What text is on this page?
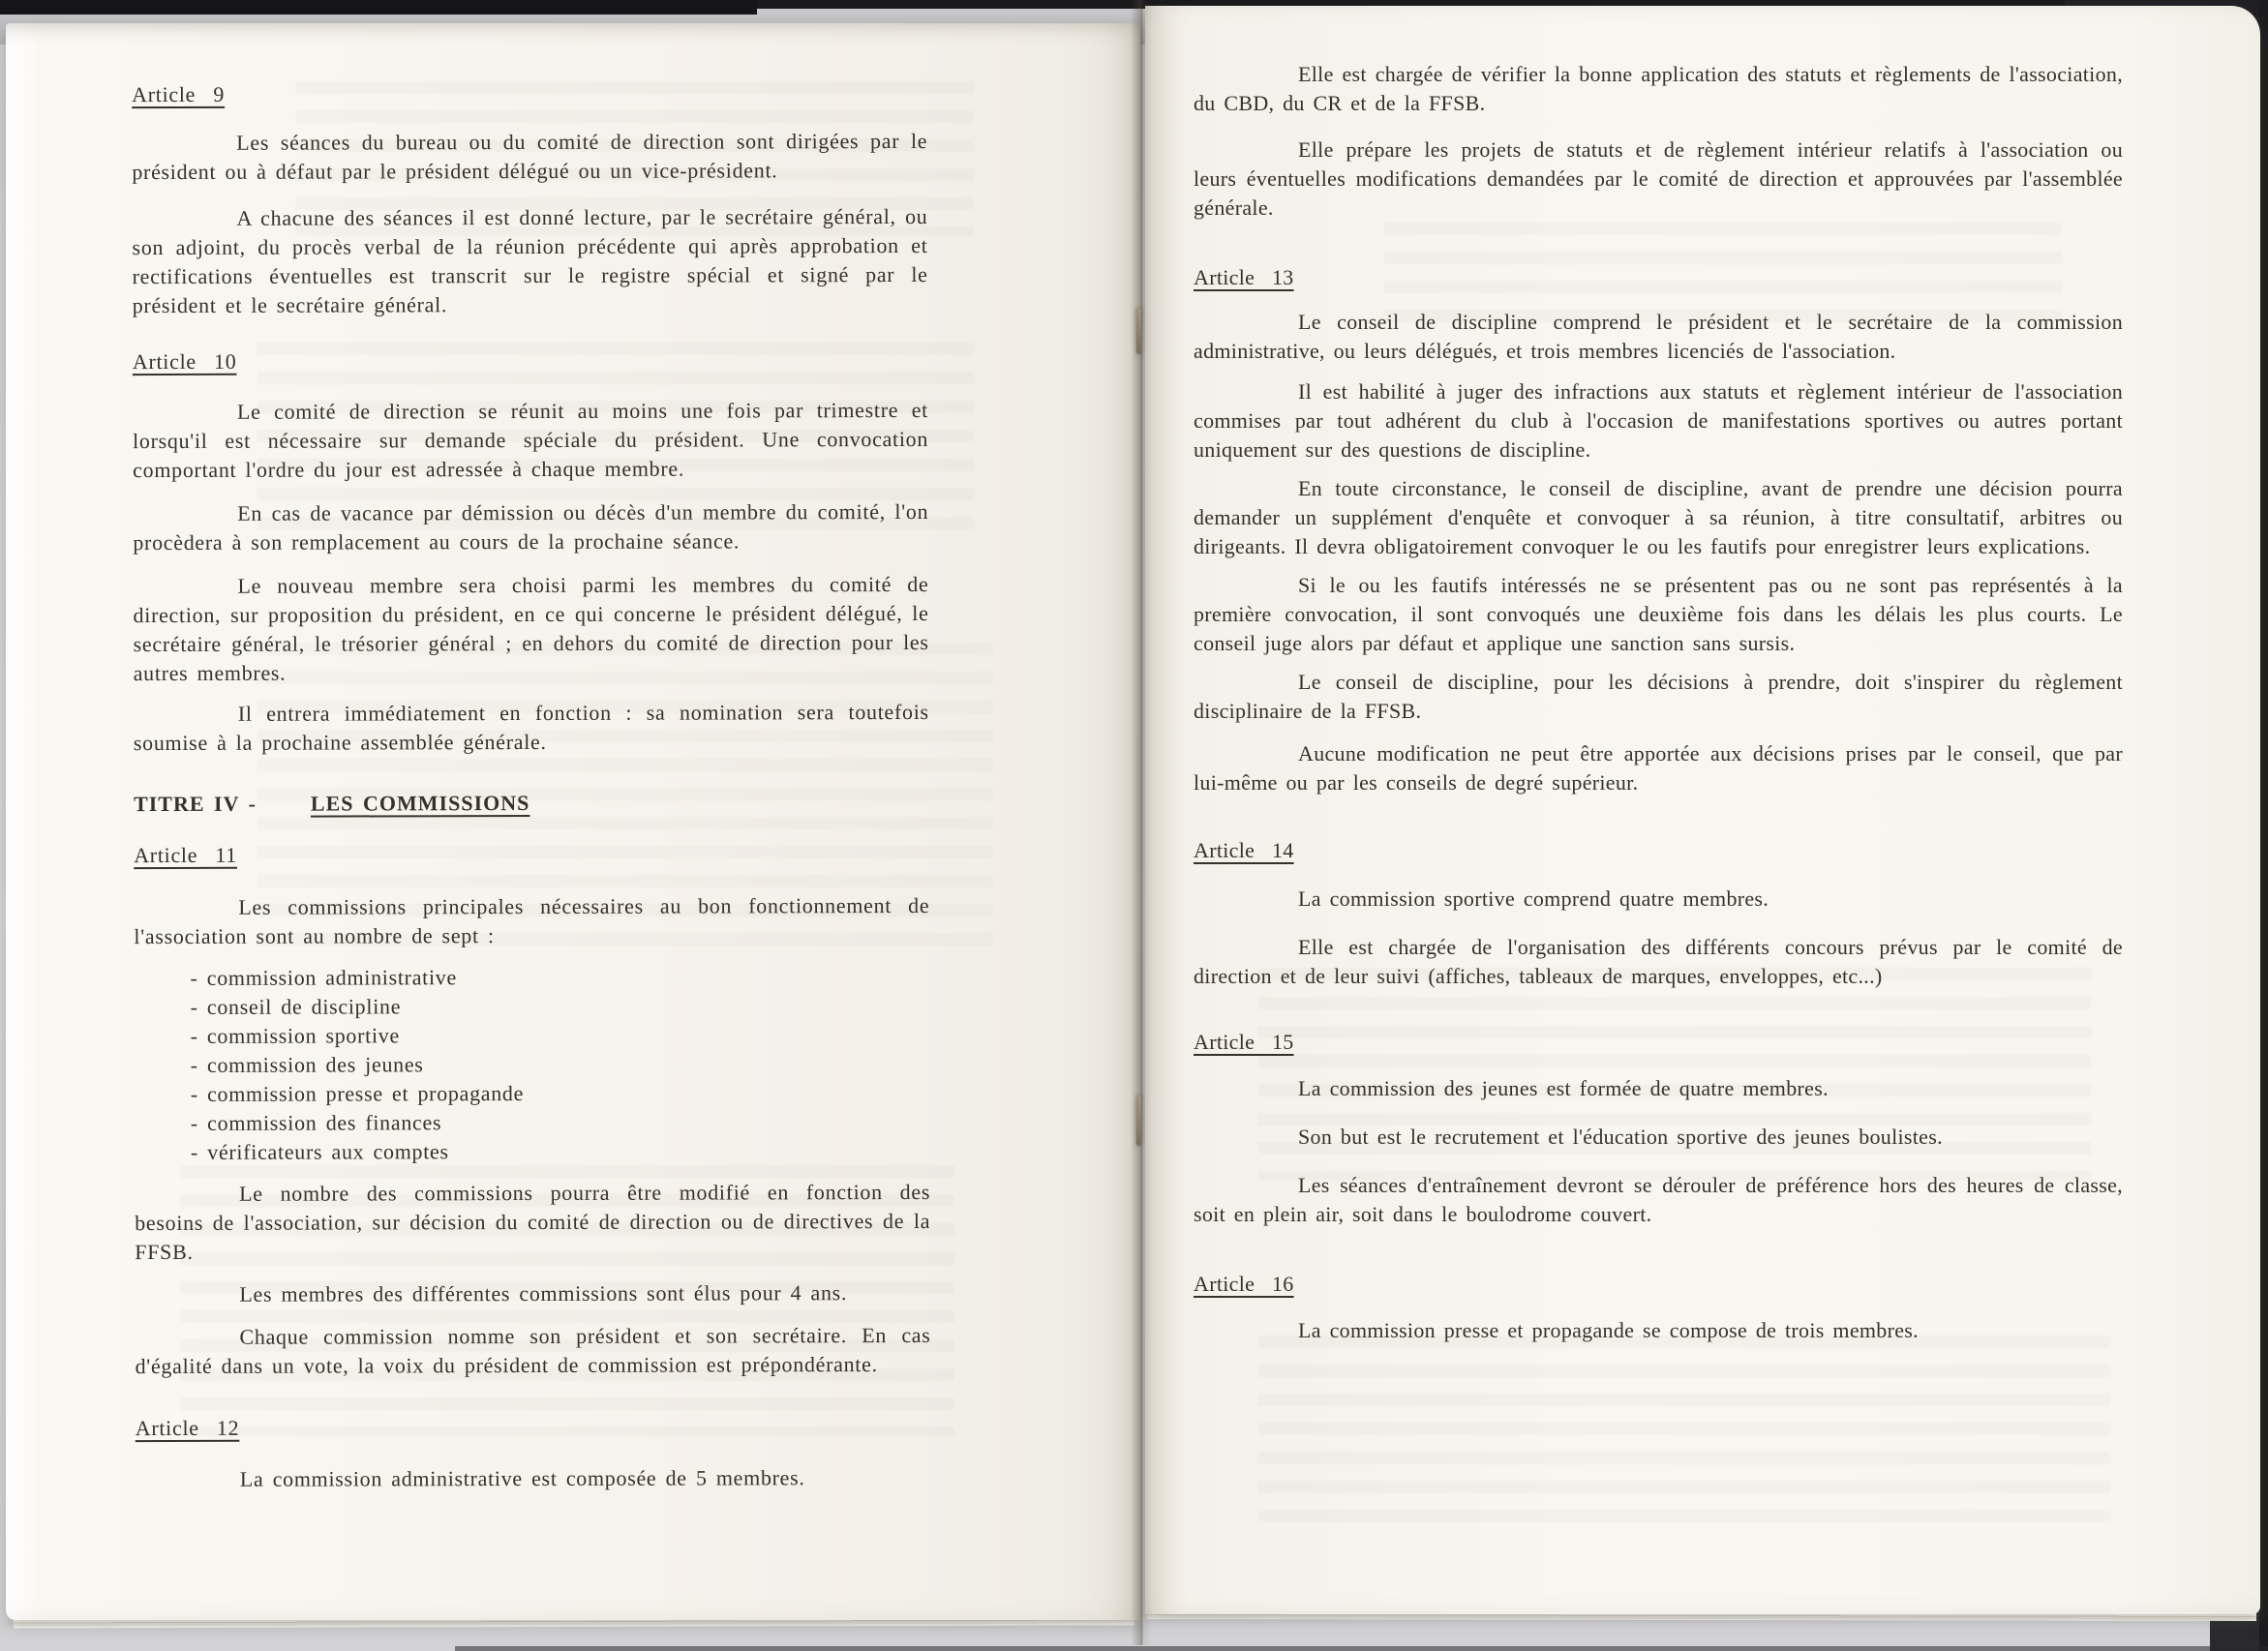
Article 9

Les séances du bureau ou du comité de direction sont dirigées par le président ou à défaut par le président délégué ou un vice-président.

A chacune des séances il est donné lecture, par le secrétaire général, ou son adjoint, du procès verbal de la réunion précédente qui après approbation et rectifications éventuelles est transcrit sur le registre spécial et signé par le président et le secrétaire général.

Article 10

Le comité de direction se réunit au moins une fois par trimestre et lorsqu'il est nécessaire sur demande spéciale du président. Une convocation comportant l'ordre du jour est adressée à chaque membre.

En cas de vacance par démission ou décès d'un membre du comité, l'on procèdera à son remplacement au cours de la prochaine séance.

Le nouveau membre sera choisi parmi les membres du comité de direction, sur proposition du président, en ce qui concerne le président délégué, le secrétaire général, le trésorier général ; en dehors du comité de direction pour les autres membres.

Il entrera immédiatement en fonction : sa nomination sera toutefois soumise à la prochaine assemblée générale.

TITRE IV -	LES COMMISSIONS
Article 11

Les commissions principales nécessaires au bon fonctionnement de l'association sont au nombre de sept :

- commission administrative
- conseil de discipline
- commission sportive
- commission des jeunes
- commission presse et propagande
- commission des finances
- vérificateurs aux comptes

Le nombre des commissions pourra être modifié en fonction des besoins de l'association, sur décision du comité de direction ou de directives de la FFSB.

Les membres des différentes commissions sont élus pour 4 ans.

Chaque commission nomme son président et son secrétaire. En cas d'égalité dans un vote, la voix du président de commission est prépondérante.

Article 12

La commission administrative est composée de 5 membres.

Elle est chargée de vérifier la bonne application des statuts et règlements de l'association, du CBD, du CR et de la FFSB.

Elle prépare les projets de statuts et de règlement intérieur relatifs à l'association ou leurs éventuelles modifications demandées par le comité de direction et approuvées par l'assemblée générale.

Article 13

Le conseil de discipline comprend le président et le secrétaire de la commission administrative, ou leurs délégués, et trois membres licenciés de l'association.

Il est habilité à juger des infractions aux statuts et règlement intérieur de l'association commises par tout adhérent du club à l'occasion de manifestations sportives ou autres portant uniquement sur des questions de discipline.

En toute circonstance, le conseil de discipline, avant de prendre une décision pourra demander un supplément d'enquête et convoquer à sa réunion, à titre consultatif, arbitres ou dirigeants. Il devra obligatoirement convoquer le ou les fautifs pour enregistrer leurs explications.

Si le ou les fautifs intéressés ne se présentent pas ou ne sont pas représentés à la première convocation, il sont convoqués une deuxième fois dans les délais les plus courts. Le conseil juge alors par défaut et applique une sanction sans sursis.

Le conseil de discipline, pour les décisions à prendre, doit s'inspirer du règlement disciplinaire de la FFSB.

Aucune modification ne peut être apportée aux décisions prises par le conseil, que par lui-même ou par les conseils de degré supérieur.

Article 14

La commission sportive comprend quatre membres.

Elle est chargée de l'organisation des différents concours prévus par le comité de direction et de leur suivi (affiches, tableaux de marques, enveloppes, etc...)

Article 15

La commission des jeunes est formée de quatre membres.

Son but est le recrutement et l'éducation sportive des jeunes boulistes.

Les séances d'entraînement devront se dérouler de préférence hors des heures de classe, soit en plein air, soit dans le boulodrome couvert.

Article 16

La commission presse et propagande se compose de trois membres.
